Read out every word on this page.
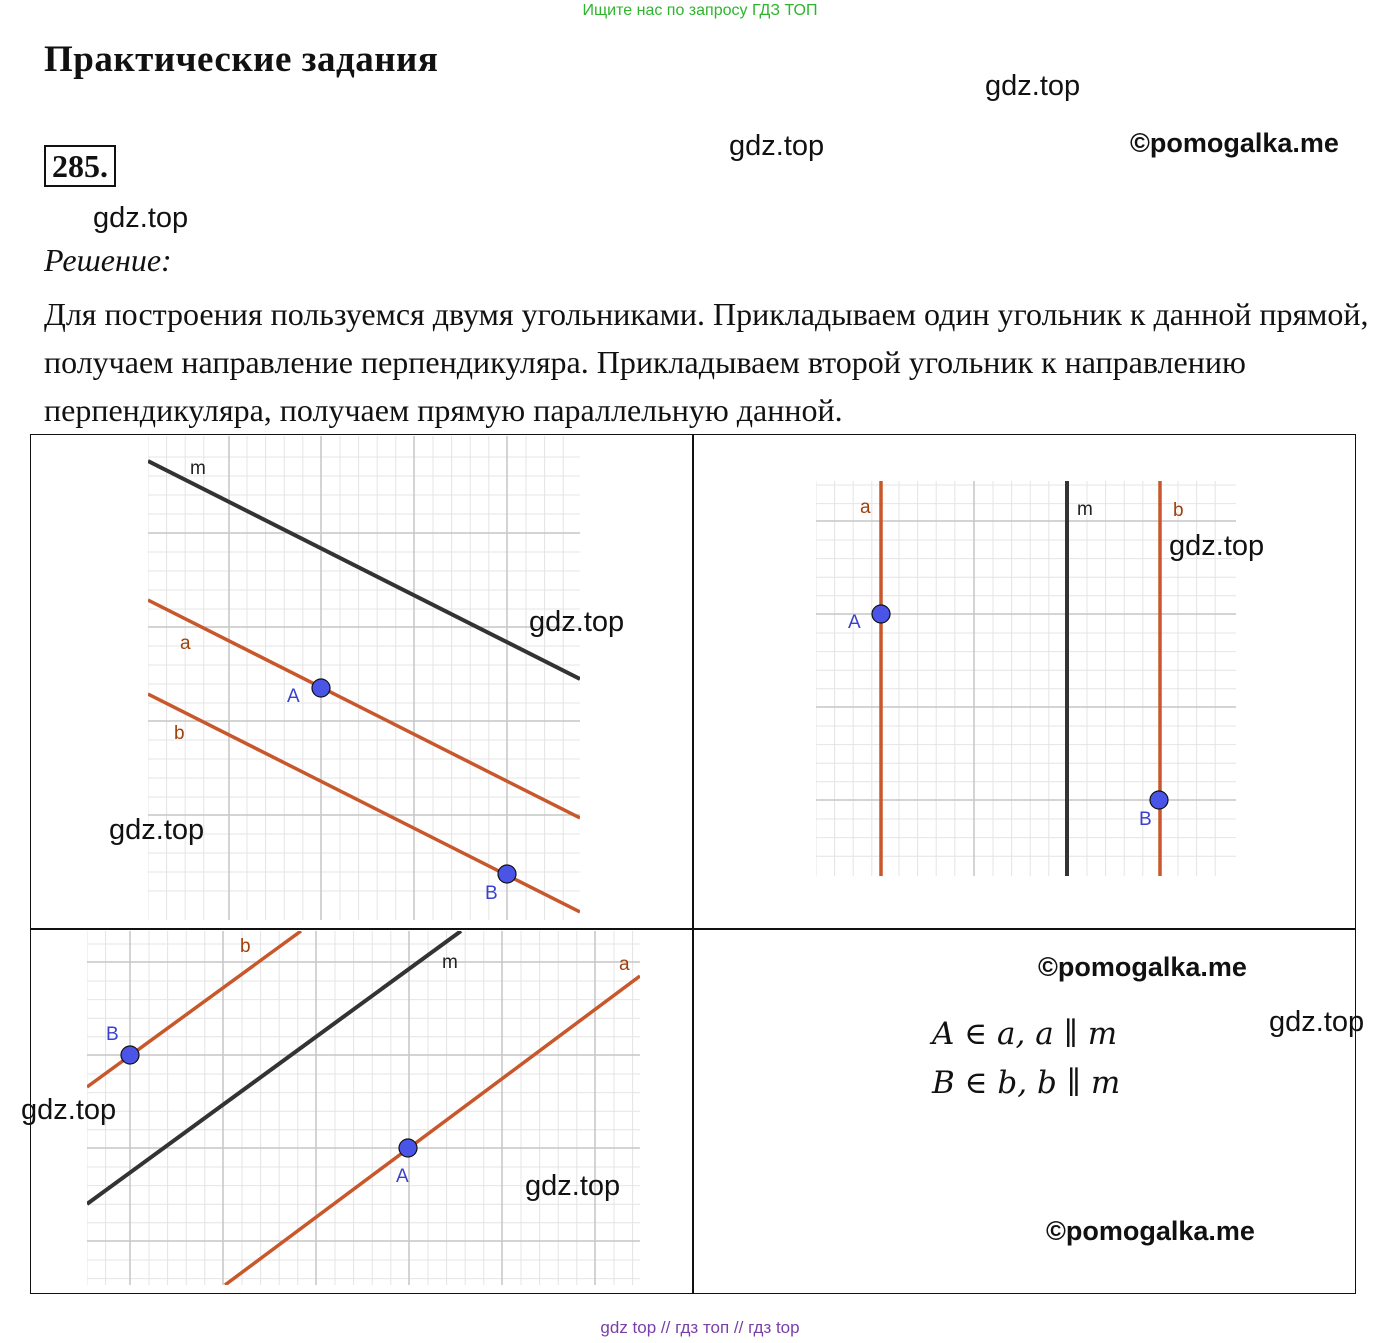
Ищите нас по запросу ГДЗ ТОП
Практические задания
285.
gdz.top
gdz.top	©pomogalka.me
gdz.top
Решение:
Для построения пользуемся двумя угольниками. Прикладываем один угольник к данной прямой, получаем направление перпендикуляра. Прикладываем второй угольник к направлению перпендикуляра, получаем прямую параллельную данной.
m
a
b
A
B
gdz.top
gdz.top
a	m	b
A
B
gdz.top
b
m	a
B
A
gdz.top
gdz.top
©pomogalka.me
A ∈ a, a ∥ m
B ∈ b, b ∥ m
gdz.top
©pomogalka.me
gdz top // гдз топ // гдз top
